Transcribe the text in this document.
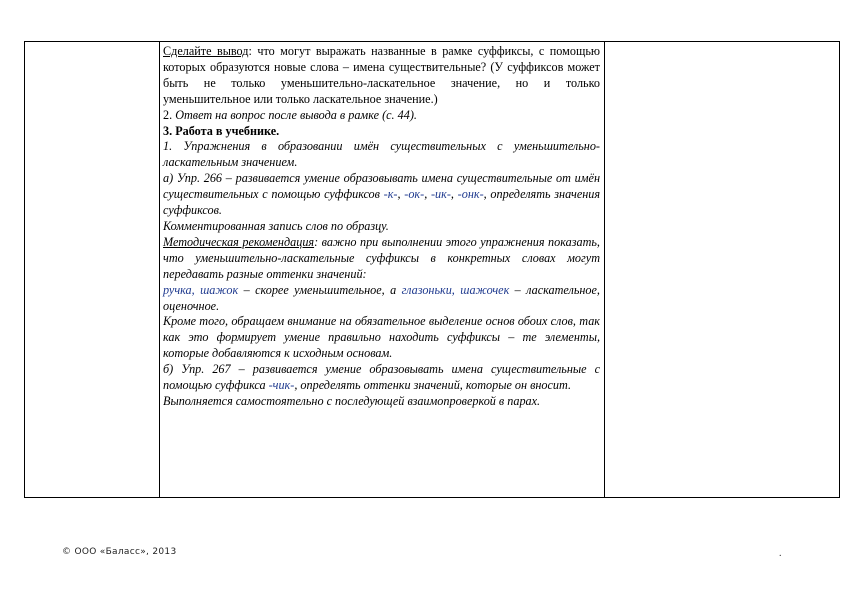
Сделайте вывод: что могут выражать названные в рамке суффиксы, с помощью которых образуются новые слова – имена существительные? (У суффиксов может быть не только уменьшительно-ласкательное значение, но и только уменьшительное или только ласкательное значение.)

2. Ответ на вопрос после вывода в рамке (с. 44).

3. Работа в учебнике.

1. Упражнения в образовании имён существительных с уменьшительно-ласкательным значением.

а) Упр. 266 – развивается умение образовывать имена существительные от имён существительных с помощью суффиксов -к-, -ок-, -ик-, -онк-, определять значения суффиксов.

Комментированная запись слов по образцу.

Методическая рекомендация: важно при выполнении этого упражнения показать, что уменьшительно-ласкательные суффиксы в конкретных словах могут передавать разные оттенки значений:

ручка, шажок – скорее уменьшительное, а глазоньки, шажочек – ласкательное, оценочное.

Кроме того, обращаем внимание на обязательное выделение основ обоих слов, так как это формирует умение правильно находить суффиксы – те элементы, которые добавляются к исходным основам.

б) Упр. 267 – развивается умение образовывать имена существительные с помощью суффикса -чик-, определять оттенки значений, которые он вносит.

Выполняется самостоятельно с последующей взаимопроверкой в парах.

© ООО «Баласс», 2013	.
